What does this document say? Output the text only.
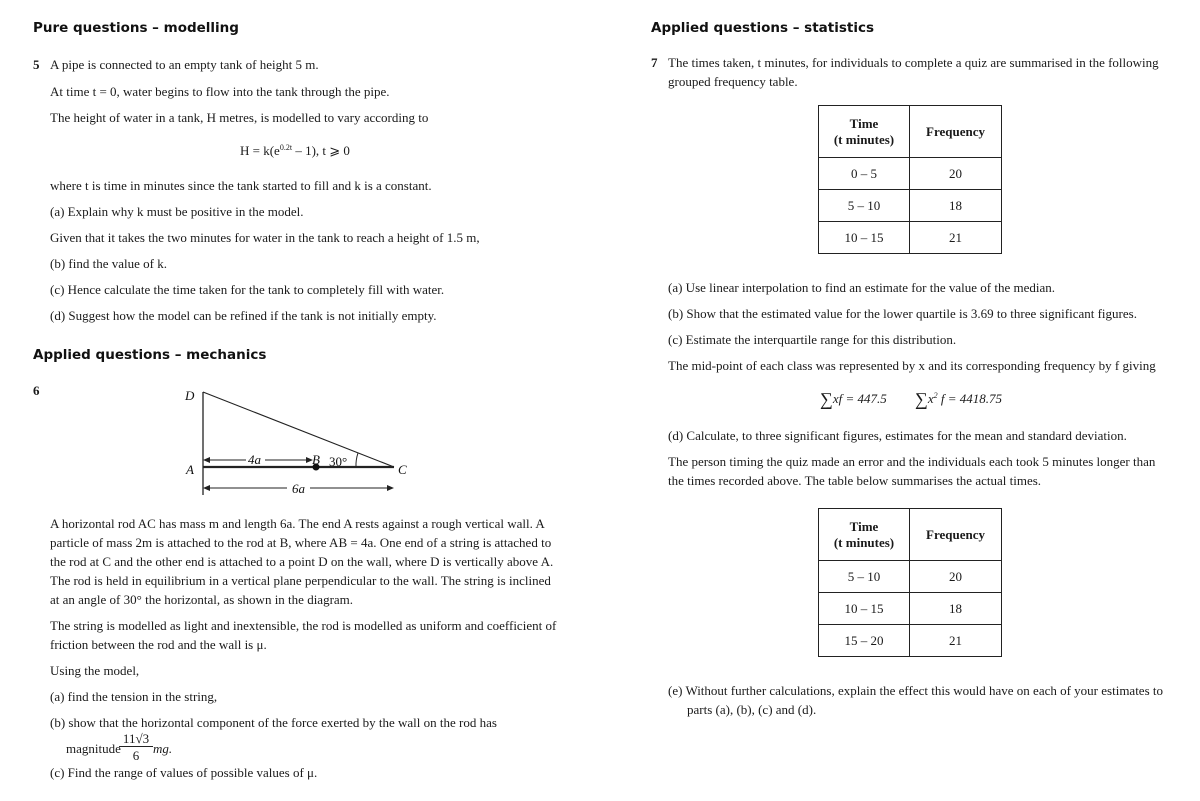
Pure questions – modelling
5 A pipe is connected to an empty tank of height 5 m.
At time t = 0, water begins to flow into the tank through the pipe.
The height of water in a tank, H metres, is modelled to vary according to
$H = k(e^{0.2t} - 1)$, t ⩾ 0
where t is time in minutes since the tank started to fill and k is a constant.
(a) Explain why k must be positive in the model.
Given that it takes the two minutes for water in the tank to reach a height of 1.5 m,
(b) find the value of k.
(c) Hence calculate the time taken for the tank to completely fill with water.
(d) Suggest how the model can be refined if the tank is not initially empty.
Applied questions – mechanics
6	D
A
B
C
4a
6a
30°
A horizontal rod AC has mass m and length 6a. The end A rests against a rough vertical wall. A
particle of mass 2m is attached to the rod at B, where AB = 4a. One end of a string is attached to
the rod at C and the other end is attached to a point D on the wall, where D is vertically above A.
The rod is held in equilibrium in a vertical plane perpendicular to the wall. The string is inclined
at an angle of 30° the horizontal, as shown in the diagram.
The string is modelled as light and inextensible, the rod is modelled as uniform and coefficient of
friction between the rod and the wall is μ.
Using the model,
(a) find the tension in the string,
(b) show that the horizontal component of the force exerted by the wall on the rod has
magnitude
11√3
6	mg.
(c) Find the range of values of possible values of μ.
Applied questions – statistics
7 The times taken, t minutes, for individuals to complete a quiz are summarised in the following
grouped frequency table.
Time
(t minutes)	Frequency
0 – 5	20
5 – 10	18
10 – 15	21
(a) Use linear interpolation to find an estimate for the value of the median.
(b) Show that the estimated value for the lower quartile is 3.69 to three significant figures.
(c) Estimate the interquartile range for this distribution.
The mid-point of each class was represented by x and its corresponding frequency by f giving
∑xf = 447.5 $\sum x^2$ f = 4418.75
(d) Calculate, to three significant figures, estimates for the mean and standard deviation.
The person timing the quiz made an error and the individuals each took 5 minutes longer than
the times recorded above. The table below summarises the actual times.
Time
(t minutes)	Frequency
5 – 10	20
10 – 15	18
15 – 20	21
(e) Without further calculations, explain the effect this would have on each of your estimates to
parts (a), (b), (c) and (d).
